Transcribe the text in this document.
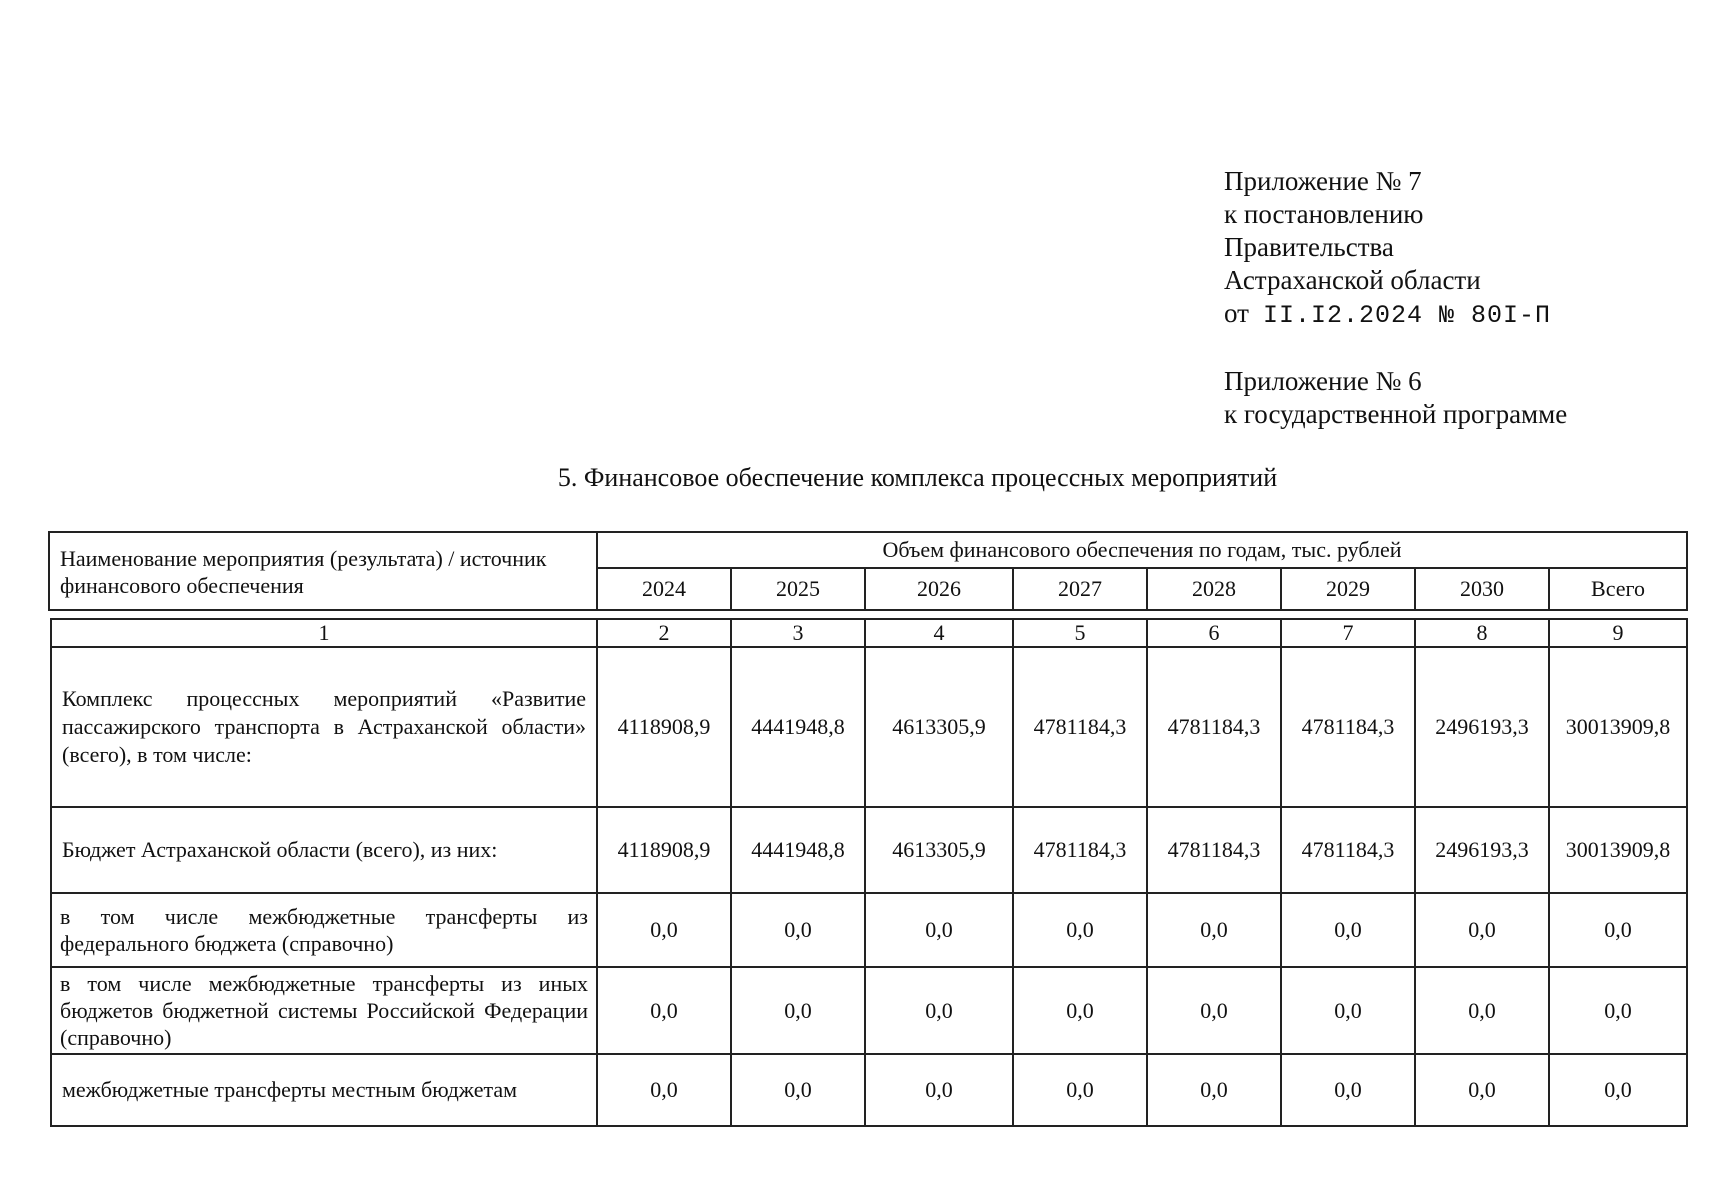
Приложение № 7
к постановлению
Правительства
Астраханской области
от II.I2.2024 № 80I-П
Приложение № 6
к государственной программе
5. Финансовое обеспечение комплекса процессных мероприятий
Наименование мероприятия (результата) / источник финансового обеспечения	Объем финансового обеспечения по годам, тыс. рублей							
	2024	2025	2026	2027	2028	2029	2030	Всего
1	2	3	4	5	6	7	8	9
Комплекс процессных мероприятий «Развитие пассажирского транспорта в Астраханской области» (всего), в том числе:	4118908,9	4441948,8	4613305,9	4781184,3	4781184,3	4781184,3	2496193,3	30013909,8
Бюджет Астраханской области (всего), из них:	4118908,9	4441948,8	4613305,9	4781184,3	4781184,3	4781184,3	2496193,3	30013909,8
в том числе межбюджетные трансферты из федерального бюджета (справочно)	0,0	0,0	0,0	0,0	0,0	0,0	0,0	0,0
в том числе межбюджетные трансферты из иных бюджетов бюджетной системы Российской Федерации (справочно)	0,0	0,0	0,0	0,0	0,0	0,0	0,0	0,0
межбюджетные трансферты местным бюджетам	0,0	0,0	0,0	0,0	0,0	0,0	0,0	0,0
